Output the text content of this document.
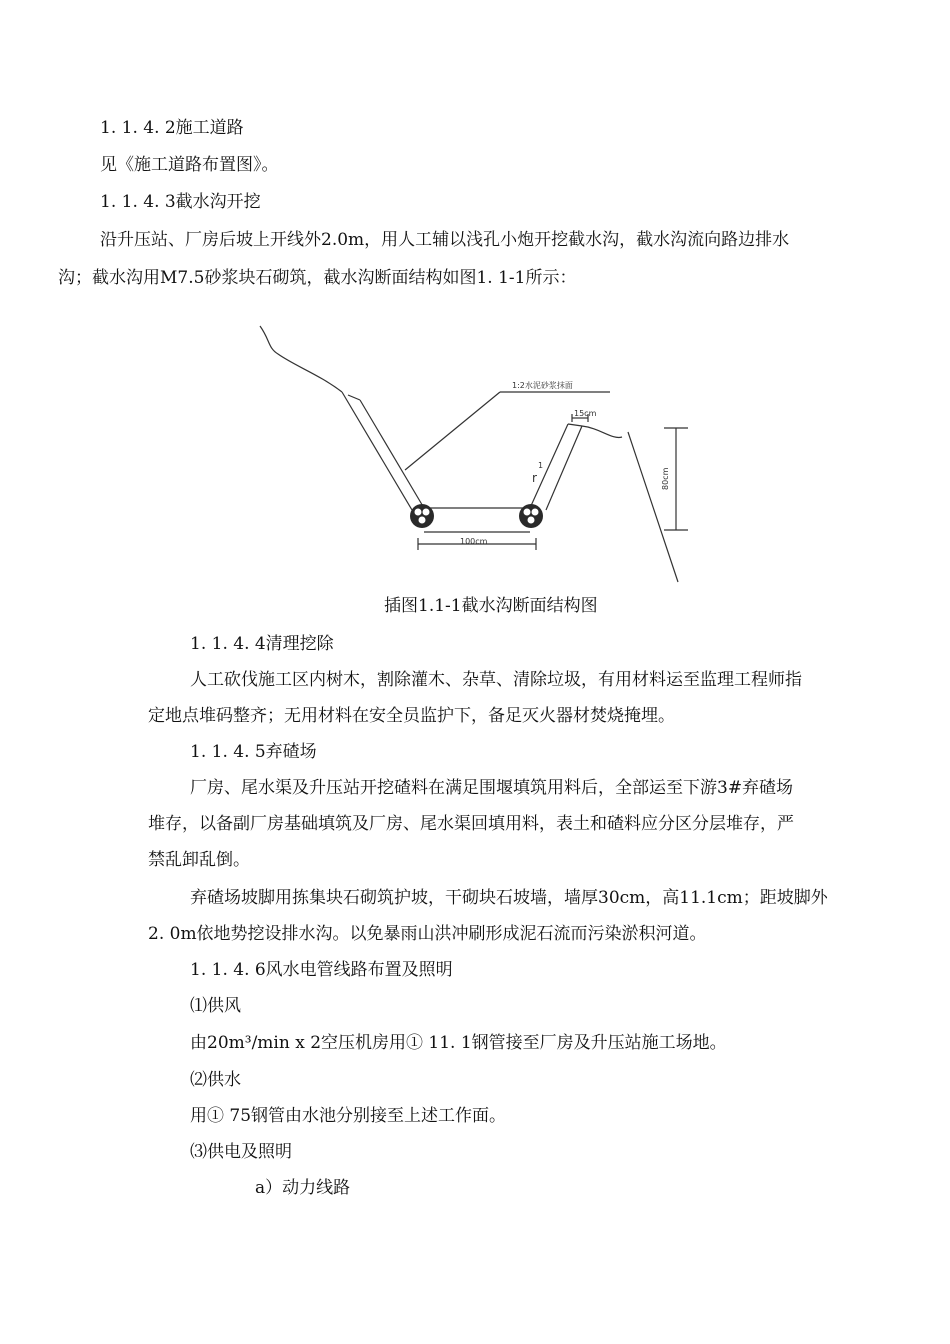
1. 1. 4. 2施工道路
见《施工道路布置图》。
1. 1. 4. 3截水沟开挖
沿升压站、厂房后坡上开线外2.0m，用人工辅以浅孔小炮开挖截水沟，截水沟流向路边排水
沟；截水沟用M7.5砂浆块石砌筑，截水沟断面结构如图1. 1-1所示：
1:2水泥砂浆抹面
15cm
1
r
100cm
80cm
插图1.1-1截水沟断面结构图
1. 1. 4. 4清理挖除
人工砍伐施工区内树木，割除灌木、杂草、清除垃圾，有用材料运至监理工程师指
定地点堆码整齐；无用材料在安全员监护下，备足灭火器材焚烧掩埋。
1. 1. 4. 5弃碴场
厂房、尾水渠及升压站开挖碴料在满足围堰填筑用料后，全部运至下游3#弃碴场
堆存，以备副厂房基础填筑及厂房、尾水渠回填用料，表土和碴料应分区分层堆存，严
禁乱卸乱倒。
弃碴场坡脚用拣集块石砌筑护坡，干砌块石坡墙，墙厚30cm，高11.1cm；距坡脚外
2. 0m依地势挖设排水沟。以免暴雨山洪冲刷形成泥石流而污染淤积河道。
1. 1. 4. 6风水电管线路布置及照明
⑴供风
由20m³/min x 2空压机房用① 11. 1钢管接至厂房及升压站施工场地。
⑵供水
用① 75钢管由水池分别接至上述工作面。
⑶供电及照明
a）动力线路
